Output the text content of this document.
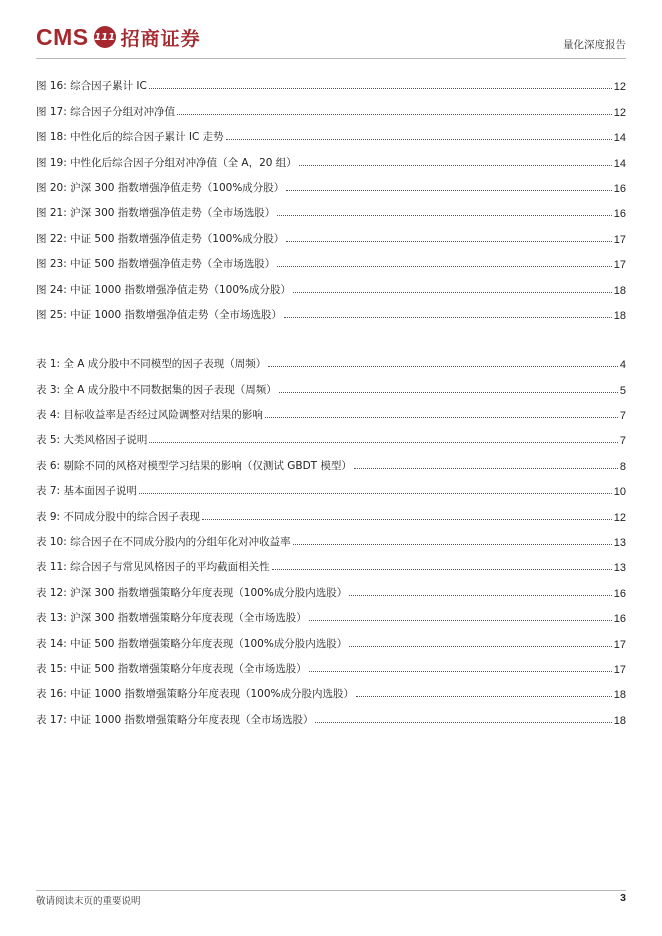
CMS 111 招商证券	量化深度报告
图 16: 综合因子累计 IC	12
图 17: 综合因子分组对冲净值	12
图 18: 中性化后的综合因子累计 IC 走势	14
图 19: 中性化后综合因子分组对冲净值（全 A，20 组）	14
图 20: 沪深 300 指数增强净值走势（100%成分股）	16
图 21: 沪深 300 指数增强净值走势（全市场选股）	16
图 22: 中证 500 指数增强净值走势（100%成分股）	17
图 23: 中证 500 指数增强净值走势（全市场选股）	17
图 24: 中证 1000 指数增强净值走势（100%成分股）	18
图 25: 中证 1000 指数增强净值走势（全市场选股）	18
表 1: 全 A 成分股中不同模型的因子表现（周频）	4
表 3: 全 A 成分股中不同数据集的因子表现（周频）	5
表 4: 目标收益率是否经过风险调整对结果的影响	7
表 5: 大类风格因子说明	7
表 6: 剔除不同的风格对模型学习结果的影响（仅测试 GBDT 模型）	8
表 7: 基本面因子说明	10
表 9: 不同成分股中的综合因子表现	12
表 10: 综合因子在不同成分股内的分组年化对冲收益率	13
表 11: 综合因子与常见风格因子的平均截面相关性	13
表 12: 沪深 300 指数增强策略分年度表现（100%成分股内选股）	16
表 13: 沪深 300 指数增强策略分年度表现（全市场选股）	16
表 14: 中证 500 指数增强策略分年度表现（100%成分股内选股）	17
表 15: 中证 500 指数增强策略分年度表现（全市场选股）	17
表 16: 中证 1000 指数增强策略分年度表现（100%成分股内选股）	18
表 17: 中证 1000 指数增强策略分年度表现（全市场选股）	18
敬请阅读末页的重要说明	3
